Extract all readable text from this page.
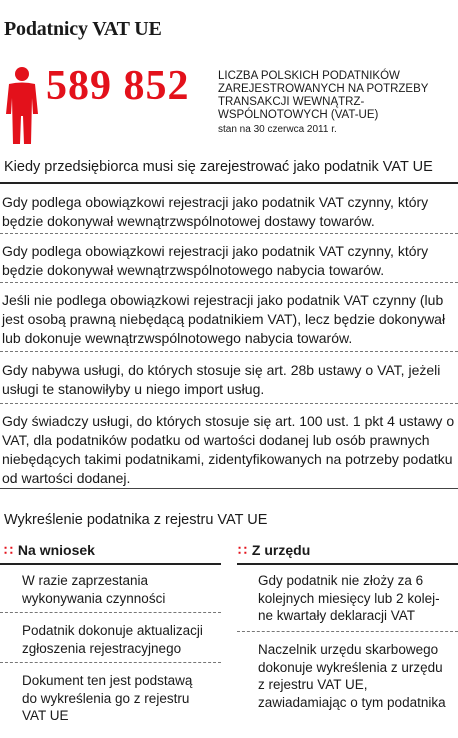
Podatnicy VAT UE
589 852 LICZBA POLSKICH PODATNIKÓW ZAREJESTROWANYCH NA POTRZEBY TRANSAKCJI WEWNĄTRZ-WSPÓLNOTOWYCH (VAT-UE)
stan na 30 czerwca 2011 r.
Kiedy przedsiębiorca musi się zarejestrować jako podatnik VAT UE
Gdy podlega obowiązkowi rejestracji jako podatnik VAT czynny, który będzie dokonywał wewnątrzwspólnotowej dostawy towarów.
Gdy podlega obowiązkowi rejestracji jako podatnik VAT czynny, który będzie dokonywał wewnątrzwspólnotowego nabycia towarów.
Jeśli nie podlega obowiązkowi rejestracji jako podatnik VAT czynny (lub jest osobą prawną niebędącą podatnikiem VAT), lecz będzie dokonywał lub dokonuje wewnątrzwspólnotowego nabycia towarów.
Gdy nabywa usługi, do których stosuje się art. 28b ustawy o VAT, jeżeli usługi te stanowiłyby u niego import usług.
Gdy świadczy usługi, do których stosuje się art. 100 ust. 1 pkt 4 ustawy o VAT, dla podatników podatku od wartości dodanej lub osób prawnych niebędących takimi podatnikami, zidentyfikowanych na potrzeby podatku od wartości dodanej.
Wykreślenie podatnika z rejestru VAT UE
∷ Na wniosek
W razie zaprzestania wykonywania czynności
Podatnik dokonuje aktualizacji zgłoszenia rejestracyjnego
Dokument ten jest podstawą do wykreślenia go z rejestru VAT UE
∷ Z urzędu
Gdy podatnik nie złoży za 6 kolejnych miesięcy lub 2 kolej-ne kwartały deklaracji VAT
Naczelnik urzędu skarbowego dokonuje wykreślenia z urzędu z rejestru VAT UE, zawiadamiając o tym podatnika
